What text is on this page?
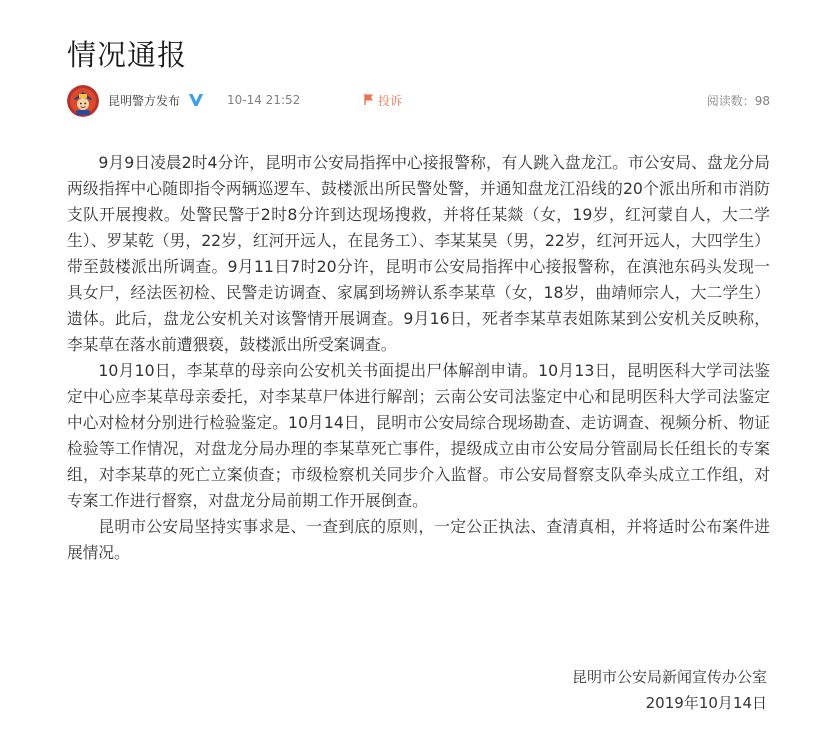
情况通报
昆明警方发布	10-14 21:52	投诉	阅读数：98

9月9日凌晨2时4分许，昆明市公安局指挥中心接报警称，有人跳入盘龙江。市公安局、盘龙分局两级指挥中心随即指令两辆巡逻车、鼓楼派出所民警处警，并通知盘龙江沿线的20个派出所和市消防支队开展搜救。处警民警于2时8分许到达现场搜救，并将任某燚（女，19岁，红河蒙自人，大二学生）、罗某乾（男，22岁，红河开远人，在昆务工）、李某某昊（男，22岁，红河开远人，大四学生）带至鼓楼派出所调查。9月11日7时20分许，昆明市公安局指挥中心接报警称，在滇池东码头发现一具女尸，经法医初检、民警走访调查、家属到场辨认系李某草（女，18岁，曲靖师宗人，大二学生）遗体。此后，盘龙公安机关对该警情开展调查。9月16日，死者李某草表姐陈某到公安机关反映称，李某草在落水前遭猥亵，鼓楼派出所受案调查。

10月10日，李某草的母亲向公安机关书面提出尸体解剖申请。10月13日，昆明医科大学司法鉴定中心应李某草母亲委托，对李某草尸体进行解剖；云南公安司法鉴定中心和昆明医科大学司法鉴定中心对检材分别进行检验鉴定。10月14日，昆明市公安局综合现场勘查、走访调查、视频分析、物证检验等工作情况，对盘龙分局办理的李某草死亡事件，提级成立由市公安局分管副局长任组长的专案组，对李某草的死亡立案侦查；市级检察机关同步介入监督。市公安局督察支队牵头成立工作组，对专案工作进行督察，对盘龙分局前期工作开展倒查。

昆明市公安局坚持实事求是、一查到底的原则，一定公正执法、查清真相，并将适时公布案件进展情况。

昆明市公安局新闻宣传办公室
2019年10月14日
